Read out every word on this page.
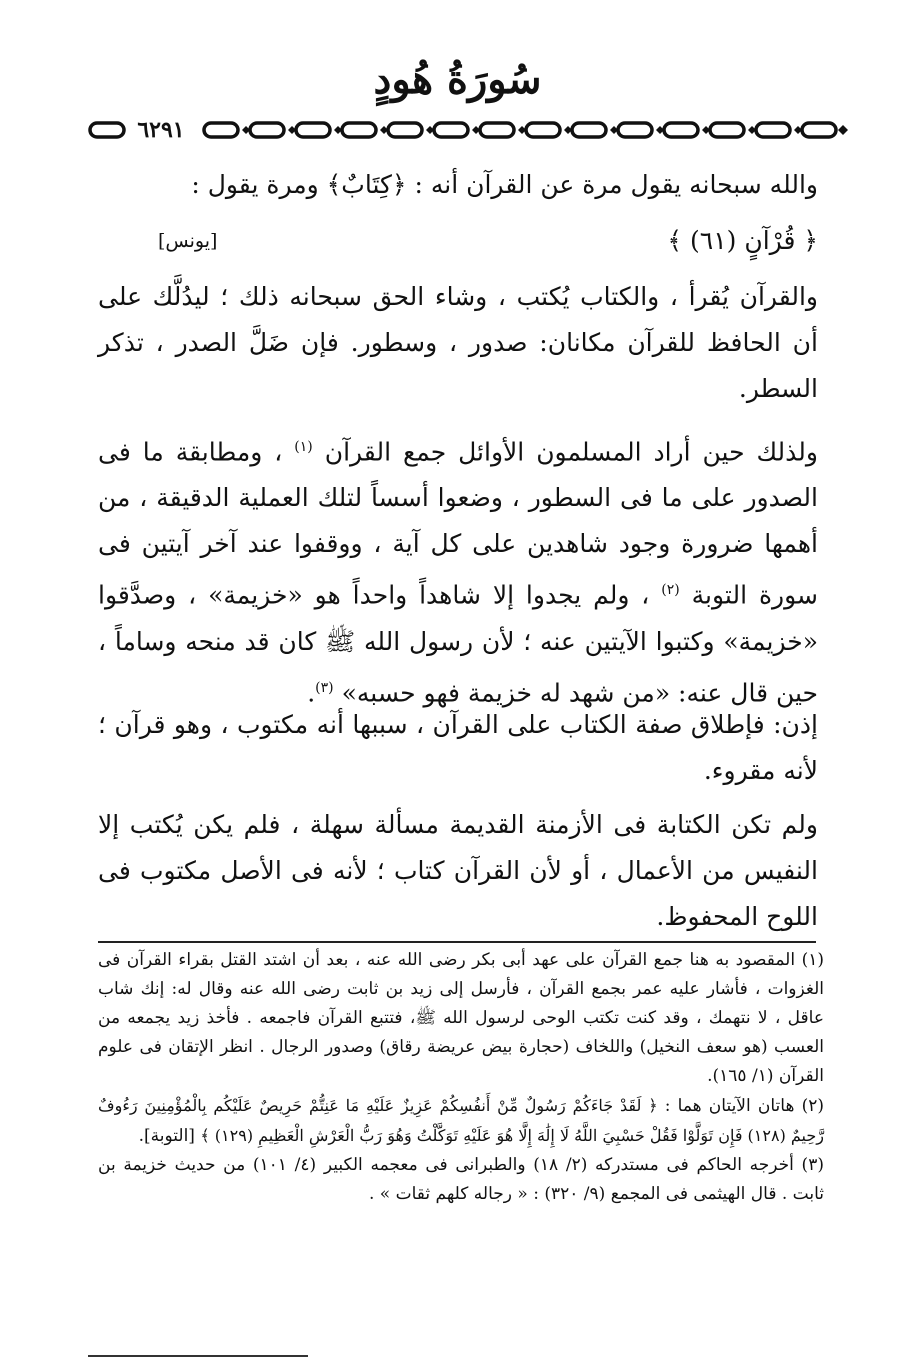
سُورَةُ هُودٍ
٦٢٩١
والله سبحانه يقول مرة عن القرآن أنه : ﴿كِتَابٌ﴾ ومرة يقول :
﴿ قُرْآنٍ (٦١) ﴾
[يونس]
والقرآن يُقرأ ، والكتاب يُكتب ، وشاء الحق سبحانه ذلك ؛ ليدُلَّك على أن الحافظ للقرآن مكانان: صدور ، وسطور. فإن ضَلَّ الصدر ، تذكر السطر.
ولذلك حين أراد المسلمون الأوائل جمع القرآن $^{(١)}$ ، ومطابقة ما فى الصدور على ما فى السطور ، وضعوا أسساً لتلك العملية الدقيقة ، من أهمها ضرورة وجود شاهدين على كل آية ، ووقفوا عند آخر آيتين فى سورة التوبة $^{(٢)}$ ، ولم يجدوا إلا شاهداً واحداً هو «خزيمة» ، وصدَّقوا «خزيمة» وكتبوا الآيتين عنه ؛ لأن رسول الله ﷺ كان قد منحه وساماً ، حين قال عنه: «من شهد له خزيمة فهو حسبه» $^{(٣)}$.
إذن: فإطلاق صفة الكتاب على القرآن ، سببها أنه مكتوب ، وهو قرآن ؛ لأنه مقروء.
ولم تكن الكتابة فى الأزمنة القديمة مسألة سهلة ، فلم يكن يُكتب إلا النفيس من الأعمال ، أو لأن القرآن كتاب ؛ لأنه فى الأصل مكتوب فى اللوح المحفوظ.

(١) المقصود به هنا جمع القرآن على عهد أبى بكر رضى الله عنه ، بعد أن اشتد القتل بقراء القرآن فى الغزوات ، فأشار عليه عمر بجمع القرآن ، فأرسل إلى زيد بن ثابت رضى الله عنه وقال له: إنك شاب عاقل ، لا نتهمك ، وقد كنت تكتب الوحى لرسول الله ﷺ، فتتبع القرآن فاجمعه . فأخذ زيد يجمعه من العسب (هو سعف النخيل) واللخاف (حجارة بيض عريضة رقاق) وصدور الرجال . انظر الإتقان فى علوم القرآن (١/ ١٦٥).

(٢) هاتان الآيتان هما : ﴿ لَقَدْ جَاءَكُمْ رَسُولٌ مِّنْ أَنفُسِكُمْ عَزِيزٌ عَلَيْهِ مَا عَنِتُّمْ حَرِيصٌ عَلَيْكُم بِالْمُؤْمِنِينَ رَءُوفٌ رَّحِيمٌ (١٢٨) فَإِن تَوَلَّوْا فَقُلْ حَسْبِيَ اللَّهُ لَا إِلَٰهَ إِلَّا هُوَ عَلَيْهِ تَوَكَّلْتُ وَهُوَ رَبُّ الْعَرْشِ الْعَظِيمِ (١٢٩) ﴾ [التوبة].

(٣) أخرجه الحاكم فى مستدركه (٢/ ١٨) والطبرانى فى معجمه الكبير (٤/ ١٠١) من حديث خزيمة بن ثابت . قال الهيثمى فى المجمع (٩/ ٣٢٠) : « رجاله كلهم ثقات » .
